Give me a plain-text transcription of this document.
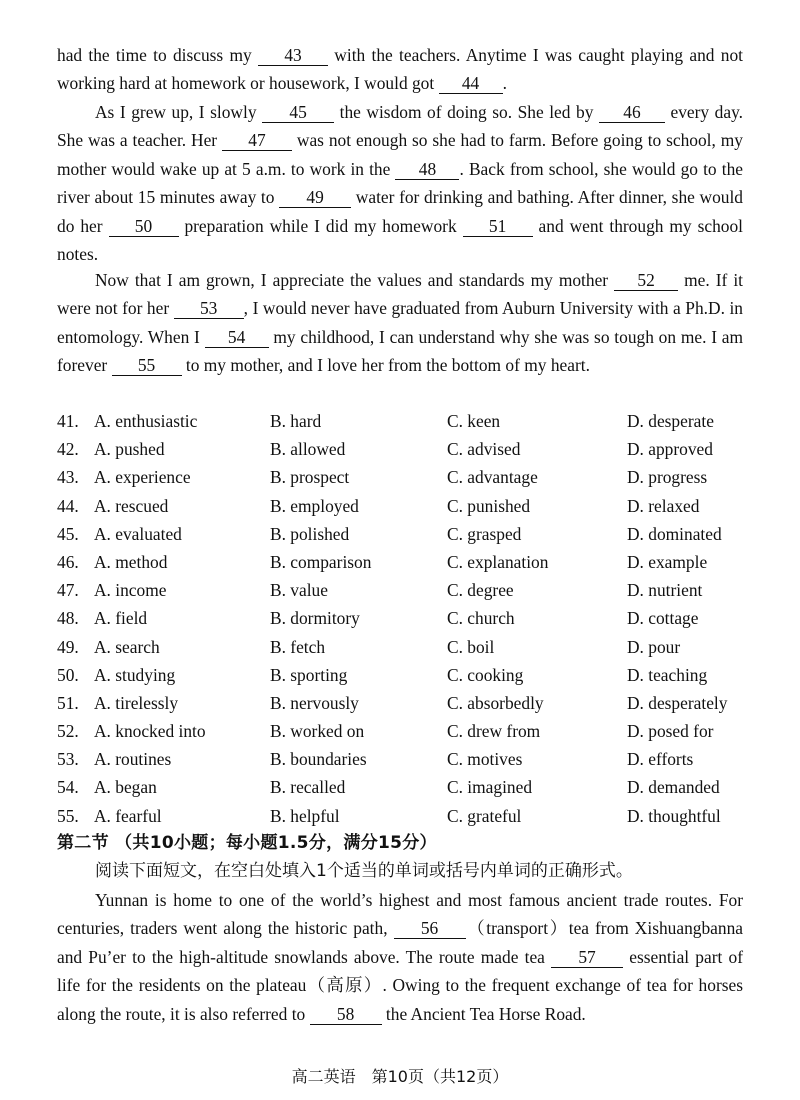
had the time to discuss my 43 with the teachers. Anytime I was caught playing and not working hard at homework or housework, I would got 44 .

As I grew up, I slowly 45 the wisdom of doing so. She led by 46 every day. She was a teacher. Her 47 was not enough so she had to farm. Before going to school, my mother would wake up at 5 a.m. to work in the 48 . Back from school, she would go to the river about 15 minutes away to 49 water for drinking and bathing. After dinner, she would do her 50 preparation while I did my homework 51 and went through my school notes.

Now that I am grown, I appreciate the values and standards my mother 52 me. If it were not for her 53 , I would never have graduated from Auburn University with a Ph.D. in entomology. When I 54 my childhood, I can understand why she was so tough on me. I am forever 55 to my mother, and I love her from the bottom of my heart.

41. A. enthusiastic	B. hard	C. keen	D. desperate
42. A. pushed	B. allowed	C. advised	D. approved
43. A. experience	B. prospect	C. advantage	D. progress
44. A. rescued	B. employed	C. punished	D. relaxed
45. A. evaluated	B. polished	C. grasped	D. dominated
46. A. method	B. comparison	C. explanation	D. example
47. A. income	B. value	C. degree	D. nutrient
48. A. field	B. dormitory	C. church	D. cottage
49. A. search	B. fetch	C. boil	D. pour
50. A. studying	B. sporting	C. cooking	D. teaching
51. A. tirelessly	B. nervously	C. absorbedly	D. desperately
52. A. knocked into	B. worked on	C. drew from	D. posed for
53. A. routines	B. boundaries	C. motives	D. efforts
54. A. began	B. recalled	C. imagined	D. demanded
55. A. fearful	B. helpful	C. grateful	D. thoughtful
第二节 （共10小题；每小题1.5分，满分15分）
阅读下面短文，在空白处填入1个适当的单词或括号内单词的正确形式。

Yunnan is home to one of the world’s highest and most famous ancient trade routes. For centuries, traders went along the historic path, 56 （transport）tea from Xishuangbanna and Pu’er to the high-altitude snowlands above. The route made tea 57 essential part of life for the residents on the plateau（高原）. Owing to the frequent exchange of tea for horses along the route, it is also referred to 58 the Ancient Tea Horse Road.

高二英语　第10页（共12页）
